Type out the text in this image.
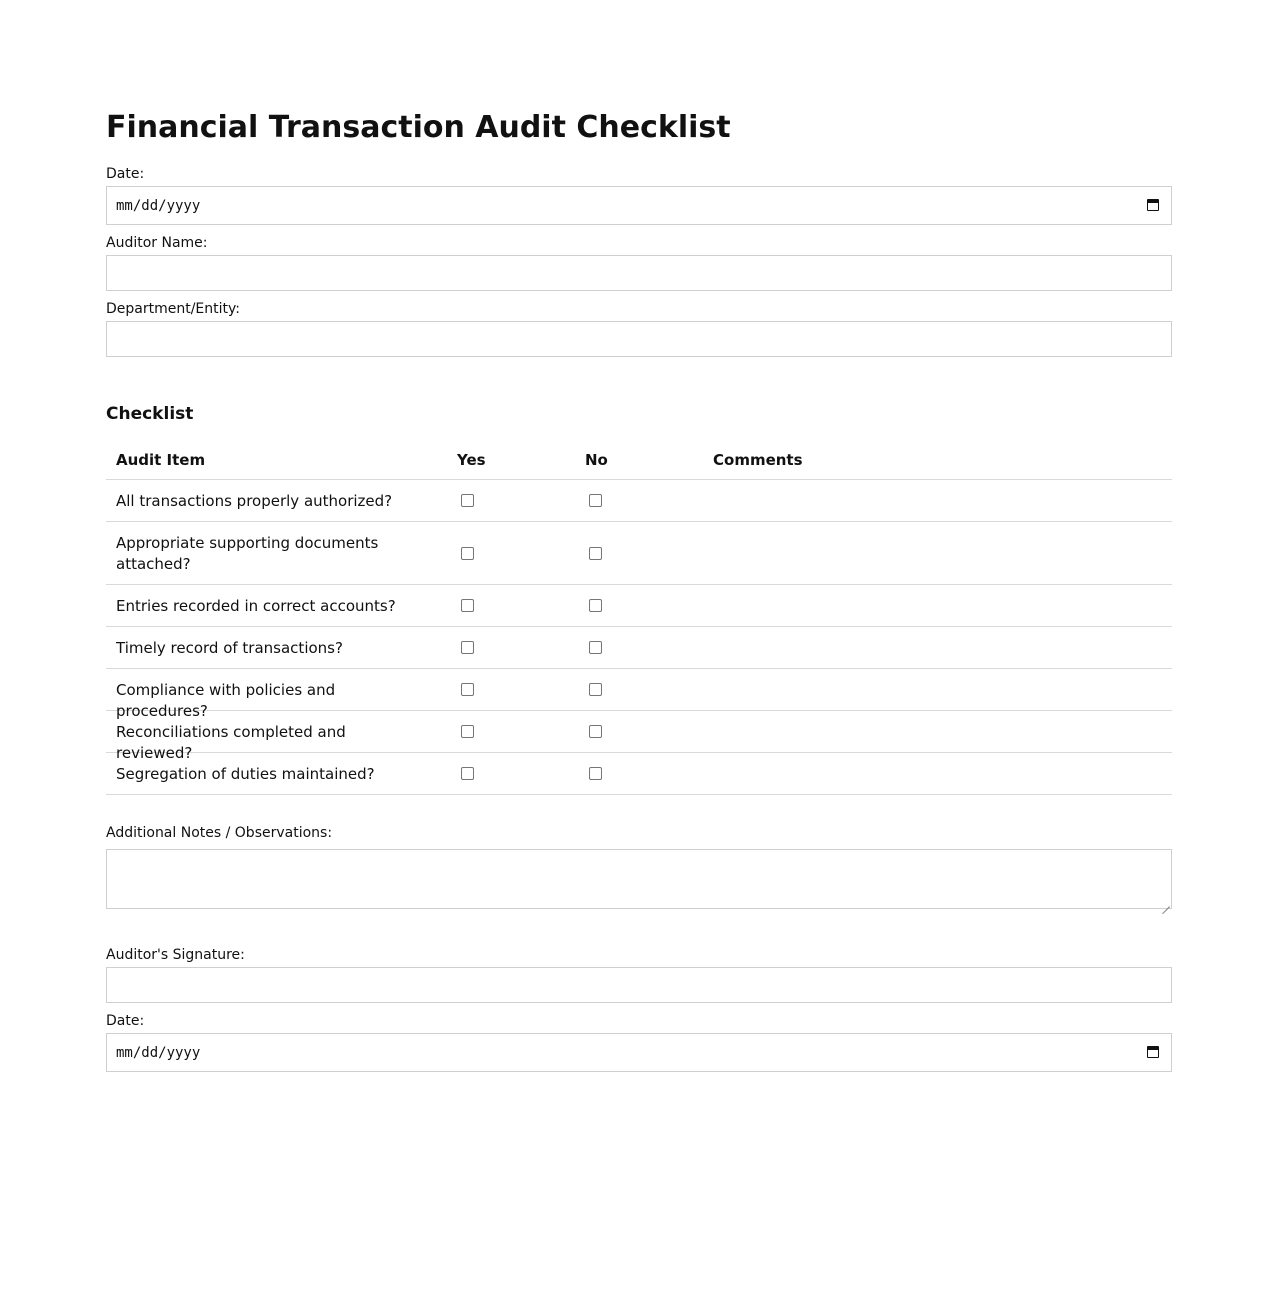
Financial Transaction Audit Checklist
Date:
mm/dd/yyyy
Auditor Name:
Department/Entity:
Checklist
Audit Item	Yes	No	Comments
All transactions properly authorized?
Appropriate supporting documents attached?
Entries recorded in correct accounts?
Timely record of transactions?
Compliance with policies and procedures?
Reconciliations completed and reviewed?
Segregation of duties maintained?
Additional Notes / Observations:
Auditor's Signature:
Date:
mm/dd/yyyy
